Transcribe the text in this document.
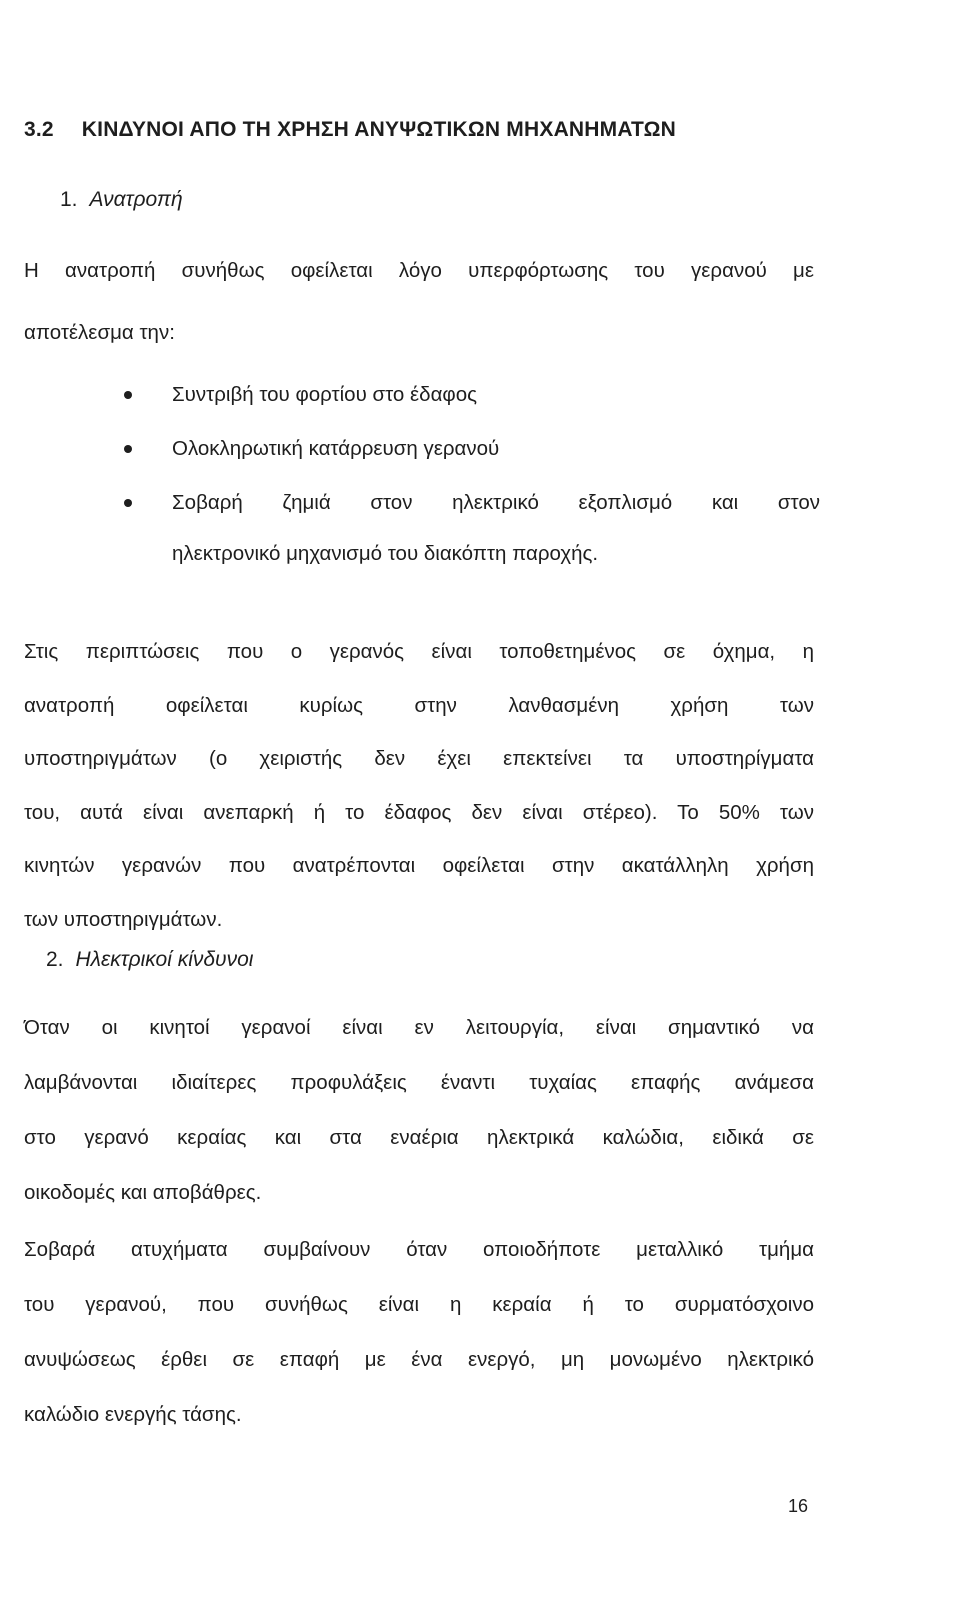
3.2 ΚΙΝΔΥΝΟΙ ΑΠΟ ΤΗ ΧΡΗΣΗ ΑΝΥΨΩΤΙΚΩΝ ΜΗΧΑΝΗΜΑΤΩΝ
1. Ανατροπή
Η ανατροπή συνήθως οφείλεται λόγο υπερφόρτωσης του γερανού με
αποτέλεσμα την:
Συντριβή του φορτίου στο έδαφος
Ολοκληρωτική κατάρρευση γερανού
Σοβαρή ζημιά στον ηλεκτρικό εξοπλισμό και στον
ηλεκτρονικό μηχανισμό του διακόπτη παροχής.
Στις περιπτώσεις που ο γερανός είναι τοποθετημένος σε όχημα, η
ανατροπή οφείλεται κυρίως στην λανθασμένη χρήση των
υποστηριγμάτων (ο χειριστής δεν έχει επεκτείνει τα υποστηρίγματα
του, αυτά είναι ανεπαρκή ή το έδαφος δεν είναι στέρεο). Το 50% των
κινητών γερανών που ανατρέπονται οφείλεται στην ακατάλληλη χρήση
των υποστηριγμάτων.
2. Ηλεκτρικοί κίνδυνοι
Όταν οι κινητοί γερανοί είναι εν λειτουργία, είναι σημαντικό να
λαμβάνονται ιδιαίτερες προφυλάξεις έναντι τυχαίας επαφής ανάμεσα
στο γερανό κεραίας και στα εναέρια ηλεκτρικά καλώδια, ειδικά σε
οικοδομές και αποβάθρες.
Σοβαρά ατυχήματα συμβαίνουν όταν οποιοδήποτε μεταλλικό τμήμα
του γερανού, που συνήθως είναι η κεραία ή το συρματόσχοινο
ανυψώσεως έρθει σε επαφή με ένα ενεργό, μη μονωμένο ηλεκτρικό
καλώδιο ενεργής τάσης.
16
